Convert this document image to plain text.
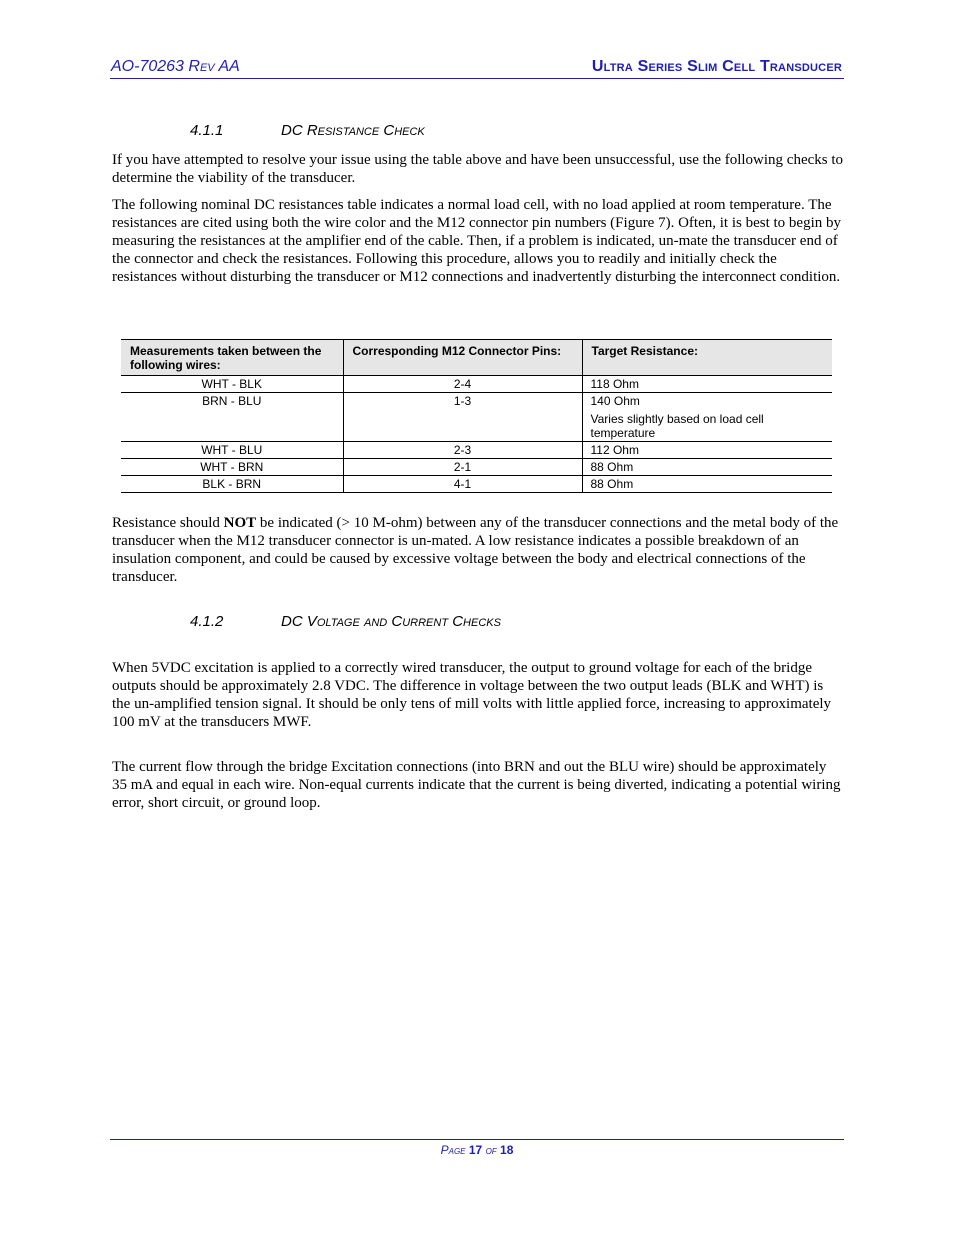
AO-70263 Rev AA	Ultra Series Slim Cell Transducer
4.1.1	DC Resistance Check

If you have attempted to resolve your issue using the table above and have been unsuccessful, use the following checks to determine the viability of the transducer.

The following nominal DC resistances table indicates a normal load cell, with no load applied at room temperature. The resistances are cited using both the wire color and the M12 connector pin numbers (Figure 7). Often, it is best to begin by measuring the resistances at the amplifier end of the cable. Then, if a problem is indicated, un-mate the transducer end of the connector and check the resistances. Following this procedure, allows you to readily and initially check the resistances without disturbing the transducer or M12 connections and inadvertently disturbing the interconnect condition.

Measurements taken between the following wires:	Corresponding M12 Connector Pins:	Target Resistance:
WHT - BLK	2-4	118 Ohm
BRN - BLU	1-3	140 Ohm
Varies slightly based on load cell temperature

WHT - BLU	2-3	112 Ohm
WHT - BRN	2-1	88 Ohm
BLK - BRN	4-1	88 Ohm

Resistance should NOT be indicated (> 10 M-ohm) between any of the transducer connections and the metal body of the transducer when the M12 transducer connector is un-mated. A low resistance indicates a possible breakdown of an insulation component, and could be caused by excessive voltage between the body and electrical connections of the transducer.

4.1.2	DC Voltage and Current Checks

When 5VDC excitation is applied to a correctly wired transducer, the output to ground voltage for each of the bridge outputs should be approximately 2.8 VDC. The difference in voltage between the two output leads (BLK and WHT) is the un-amplified tension signal. It should be only tens of mill volts with little applied force, increasing to approximately 100 mV at the transducers MWF.

The current flow through the bridge Excitation connections (into BRN and out the BLU wire) should be approximately 35 mA and equal in each wire. Non-equal currents indicate that the current is being diverted, indicating a potential wiring error, short circuit, or ground loop.

Page 17 of 18
